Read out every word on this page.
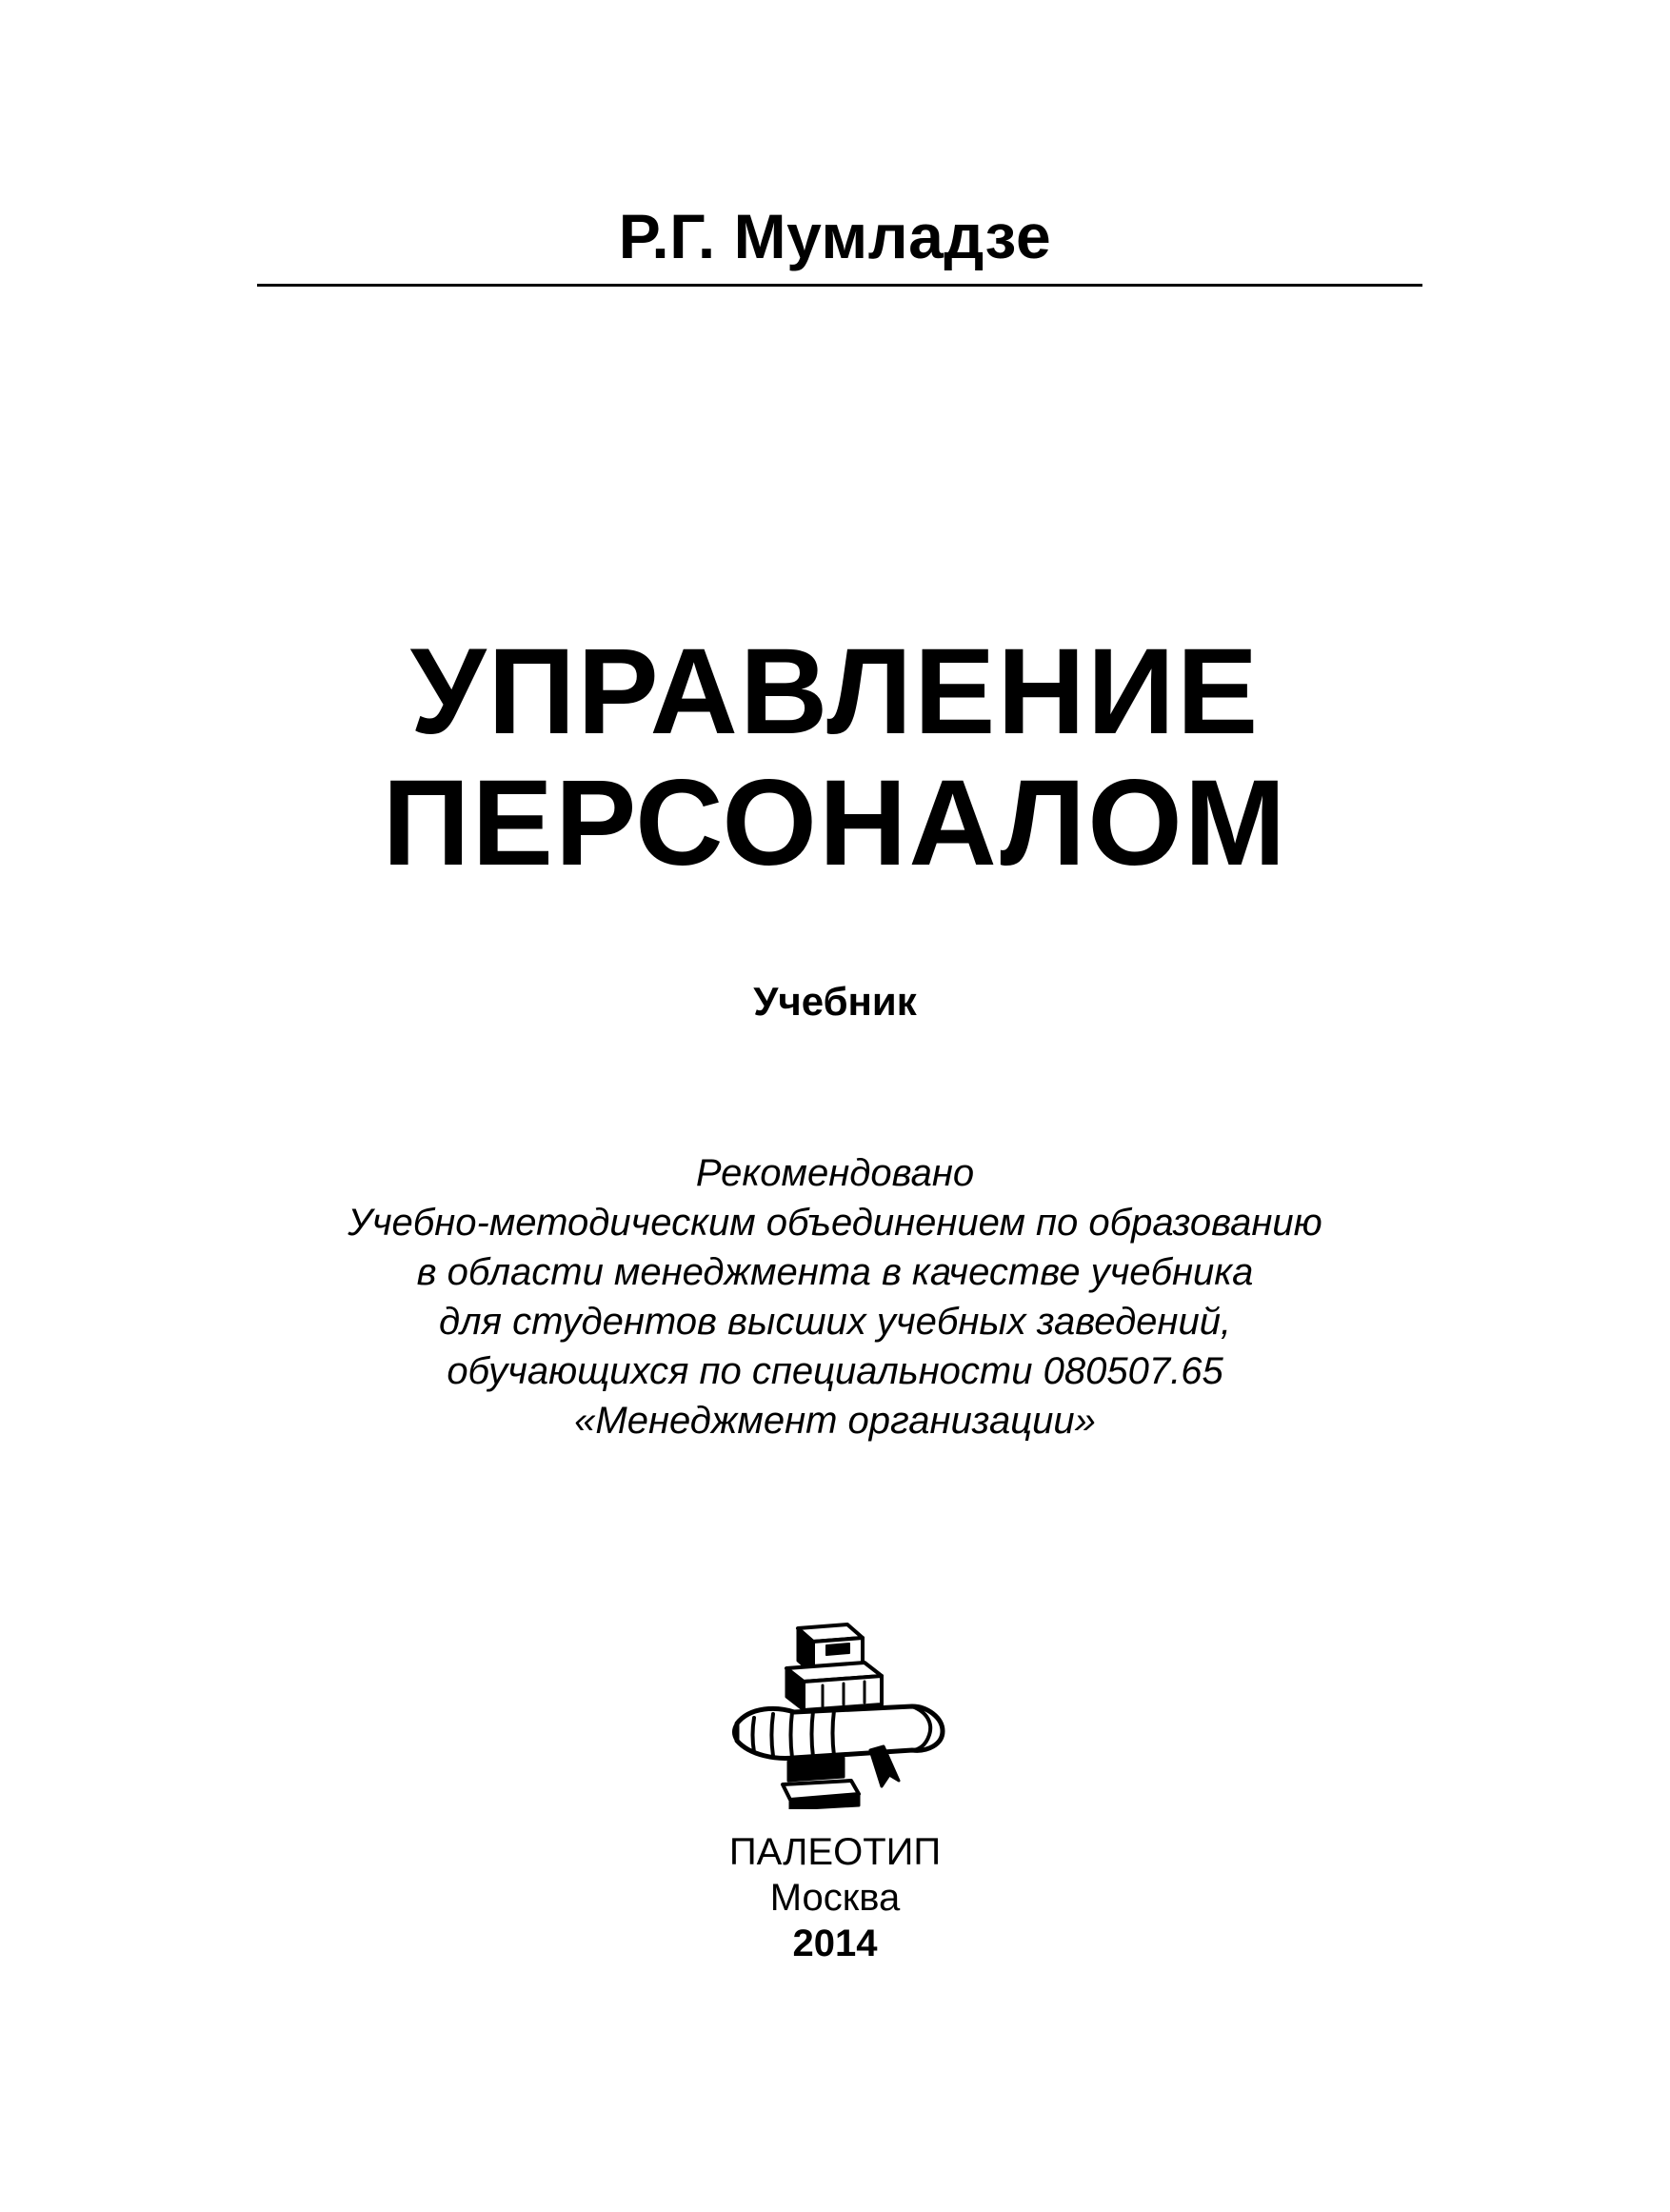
Р.Г. Мумладзе
УПРАВЛЕНИЕ
ПЕРСОНАЛОМ
Учебник
Рекомендовано
Учебно-методическим объединением по образованию
в области менеджмента в качестве учебника
для студентов высших учебных заведений,
обучающихся по специальности 080507.65
«Менеджмент организации»
ПАЛЕОТИП
Москва
2014
